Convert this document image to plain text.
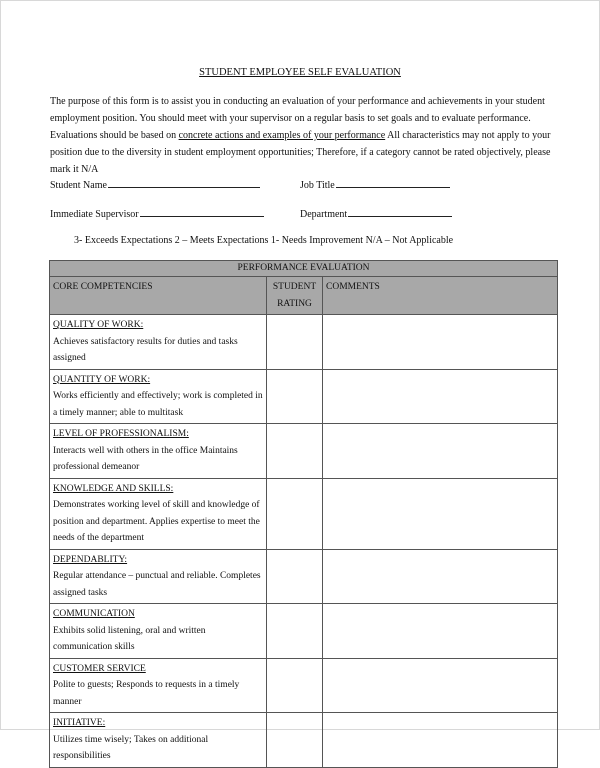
STUDENT EMPLOYEE SELF EVALUATION
The purpose of this form is to assist you in conducting an evaluation of your performance and achievements in your student employment position. You should meet with your supervisor on a regular basis to set goals and to evaluate performance. Evaluations should be based on concrete actions and examples of your performance All characteristics may not apply to your position due to the diversity in student employment opportunities; Therefore, if a category cannot be rated objectively, please mark it N/A
Student Name	Job Title
Immediate Supervisor	Department
3- Exceeds Expectations 2 – Meets Expectations 1- Needs Improvement N/A – Not Applicable
PERFORMANCE EVALUATION		
CORE COMPETENCIES	STUDENT RATING	COMMENTS

QUALITY OF WORK:
Achieves satisfactory results for duties and tasks assigned		

QUANTITY OF WORK:
Works efficiently and effectively; work is completed in a timely manner; able to multitask		

LEVEL OF PROFESSIONALISM:
Interacts well with others in the office Maintains professional demeanor		

KNOWLEDGE AND SKILLS:
Demonstrates working level of skill and knowledge of position and department. Applies expertise to meet the needs of the department		

DEPENDABLITY:
Regular attendance – punctual and reliable. Completes assigned tasks		

COMMUNICATION
Exhibits solid listening, oral and written communication skills		

CUSTOMER SERVICE
Polite to guests; Responds to requests in a timely manner		

INITIATIVE:
Utilizes time wisely; Takes on additional responsibilities		
